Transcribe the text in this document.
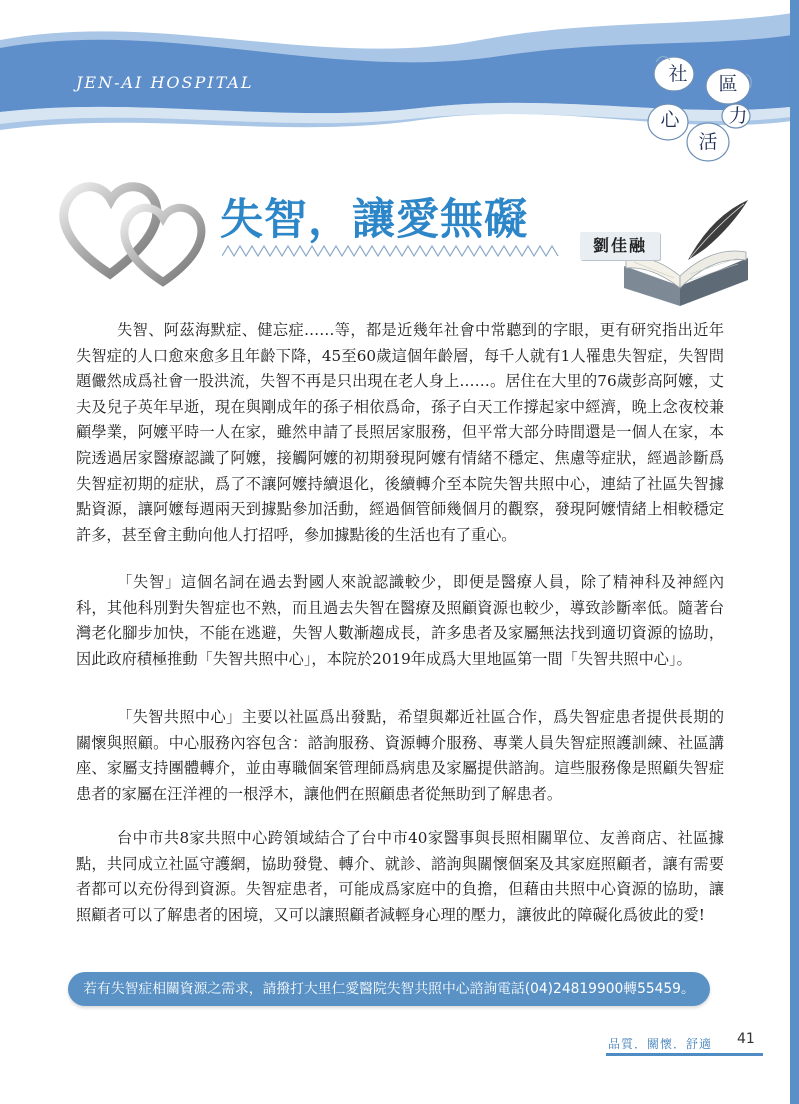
JEN-AI HOSPITAL	社 區
心
活
力
失智，讓愛無礙
劉佳融

失智、阿茲海默症、健忘症……等，都是近幾年社會中常聽到的字眼，更有研究指出近年失智症的人口愈來愈多且年齡下降，45至60歲這個年齡層，每千人就有1人罹患失智症，失智問題儼然成爲社會一股洪流，失智不再是只出現在老人身上……。居住在大里的76歲彭高阿嬤，丈夫及兒子英年早逝，現在與剛成年的孫子相依爲命，孫子白天工作撐起家中經濟，晚上念夜校兼顧學業，阿嬤平時一人在家，雖然申請了長照居家服務，但平常大部分時間還是一個人在家，本院透過居家醫療認識了阿嬤，接觸阿嬤的初期發現阿嬤有情緒不穩定、焦慮等症狀，經過診斷爲失智症初期的症狀，爲了不讓阿嬤持續退化，後續轉介至本院失智共照中心，連結了社區失智據點資源，讓阿嬤每週兩天到據點參加活動，經過個管師幾個月的觀察，發現阿嬤情緒上相較穩定許多，甚至會主動向他人打招呼，參加據點後的生活也有了重心。

「失智」這個名詞在過去對國人來說認識較少，即便是醫療人員，除了精神科及神經內科，其他科別對失智症也不熟，而且過去失智在醫療及照顧資源也較少，導致診斷率低。隨著台灣老化腳步加快，不能在逃避，失智人數漸趨成長，許多患者及家屬無法找到適切資源的協助，因此政府積極推動「失智共照中心」，本院於2019年成爲大里地區第一間「失智共照中心」。

「失智共照中心」主要以社區爲出發點，希望與鄰近社區合作，爲失智症患者提供長期的關懷與照顧。中心服務內容包含：諮詢服務、資源轉介服務、專業人員失智症照護訓練、社區講座、家屬支持團體轉介，並由專職個案管理師爲病患及家屬提供諮詢。這些服務像是照顧失智症患者的家屬在汪洋裡的一根浮木，讓他們在照顧患者從無助到了解患者。

台中市共8家共照中心跨領域結合了台中市40家醫事與長照相關單位、友善商店、社區據點，共同成立社區守護網，協助發覺、轉介、就診、諮詢與關懷個案及其家庭照顧者，讓有需要者都可以充份得到資源。失智症患者，可能成爲家庭中的負擔，但藉由共照中心資源的協助，讓照顧者可以了解患者的困境，又可以讓照顧者減輕身心理的壓力，讓彼此的障礙化爲彼此的愛!

若有失智症相關資源之需求，請撥打大里仁愛醫院失智共照中心諮詢電話(04)24819900轉55459。
品質．關懷．舒適 41
